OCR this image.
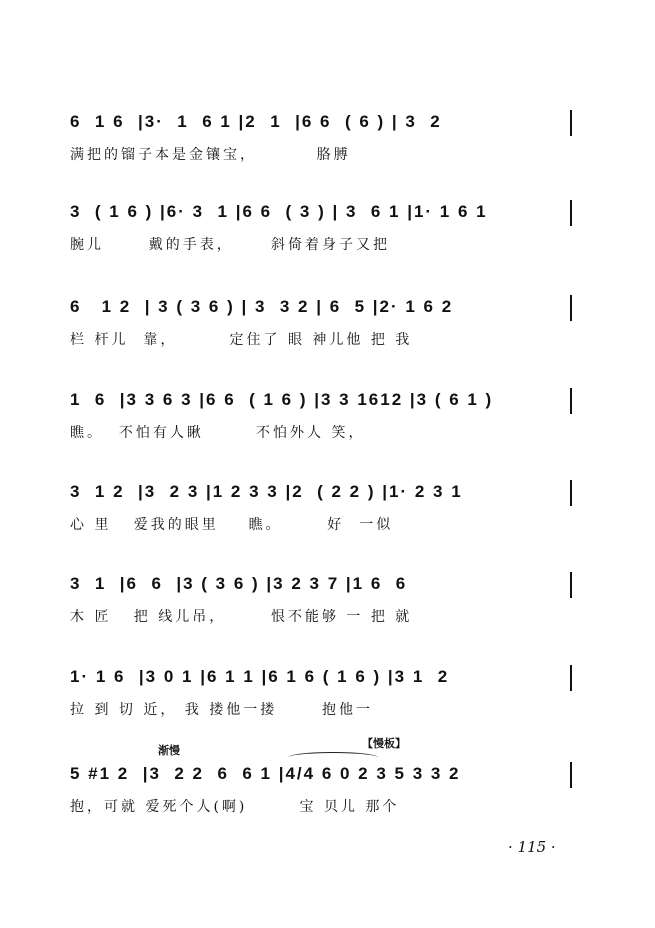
6  1 6  |3·  1  6 1 |2  1  |6 6  ( 6 ) | 3  2
满把的镏子本是金镶宝，        胳膊
3  ( 1 6 ) |6· 3  1 |6 6  ( 3 ) | 3  6 1 |1· 1 6 1
腕儿      戴的手表，     斜倚着身子又把
6   1 2  | 3 ( 3 6 ) | 3  3 2 | 6  5 |2· 1 6 2
栏 杆儿  靠，       定住了 眼 神儿他 把 我
1  6  |3 3 6 3 |6 6  ( 1 6 ) |3 3 1612 |3 ( 6 1 )
瞧。  不怕有人瞅       不怕外人 笑，
3  1 2  |3  2 3 |1 2 3 3 |2  ( 2 2 ) |1· 2 3 1
心 里   爱我的眼里    瞧。      好  一似
3  1  |6  6  |3 ( 3 6 ) |3 2 3 7 |1 6  6
木 匠   把 线儿吊，      恨不能够 一 把 就
1· 1 6  |3 0 1 |6 1 1 |6 1 6 ( 1 6 ) |3 1  2
拉 到 切 近， 我 搂他一搂      抱他一
渐慢
【慢板】
5 #1 2  |3  2 2  6  6 1 |4/4 6 0 2 3 5 3 3 2
抱，可就 爱死个人(啊)       宝 贝儿 那个
· 115 ·
